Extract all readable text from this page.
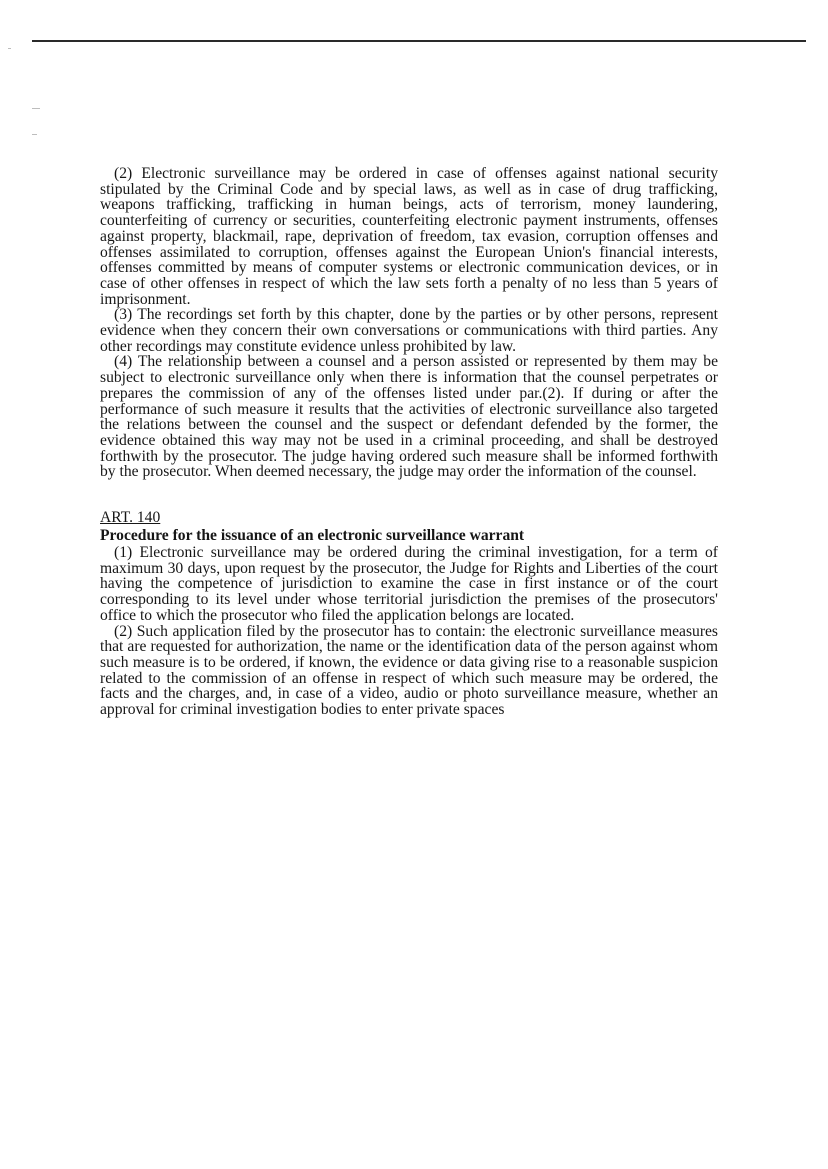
(2) Electronic surveillance may be ordered in case of offenses against national security stipulated by the Criminal Code and by special laws, as well as in case of drug trafficking, weapons trafficking, trafficking in human beings, acts of terrorism, money laundering, counterfeiting of currency or securities, counterfeiting electronic payment instruments, offenses against property, blackmail, rape, deprivation of freedom, tax evasion, corruption offenses and offenses assimilated to corruption, offenses against the European Union's financial interests, offenses committed by means of computer systems or electronic communication devices, or in case of other offenses in respect of which the law sets forth a penalty of no less than 5 years of imprisonment.

(3) The recordings set forth by this chapter, done by the parties or by other persons, represent evidence when they concern their own conversations or communications with third parties. Any other recordings may constitute evidence unless prohibited by law.

(4) The relationship between a counsel and a person assisted or represented by them may be subject to electronic surveillance only when there is information that the counsel perpetrates or prepares the commission of any of the offenses listed under par.(2). If during or after the performance of such measure it results that the activities of electronic surveillance also targeted the relations between the counsel and the suspect or defendant defended by the former, the evidence obtained this way may not be used in a criminal proceeding, and shall be destroyed forthwith by the prosecutor. The judge having ordered such measure shall be informed forthwith by the prosecutor. When deemed necessary, the judge may order the information of the counsel.

ART. 140

Procedure for the issuance of an electronic surveillance warrant

(1) Electronic surveillance may be ordered during the criminal investigation, for a term of maximum 30 days, upon request by the prosecutor, the Judge for Rights and Liberties of the court having the competence of jurisdiction to examine the case in first instance or of the court corresponding to its level under whose territorial jurisdiction the premises of the prosecutors' office to which the prosecutor who filed the application belongs are located.

(2) Such application filed by the prosecutor has to contain: the electronic surveillance measures that are requested for authorization, the name or the identification data of the person against whom such measure is to be ordered, if known, the evidence or data giving rise to a reasonable suspicion related to the commission of an offense in respect of which such measure may be ordered, the facts and the charges, and, in case of a video, audio or photo surveillance measure, whether an approval for criminal investigation bodies to enter private spaces
